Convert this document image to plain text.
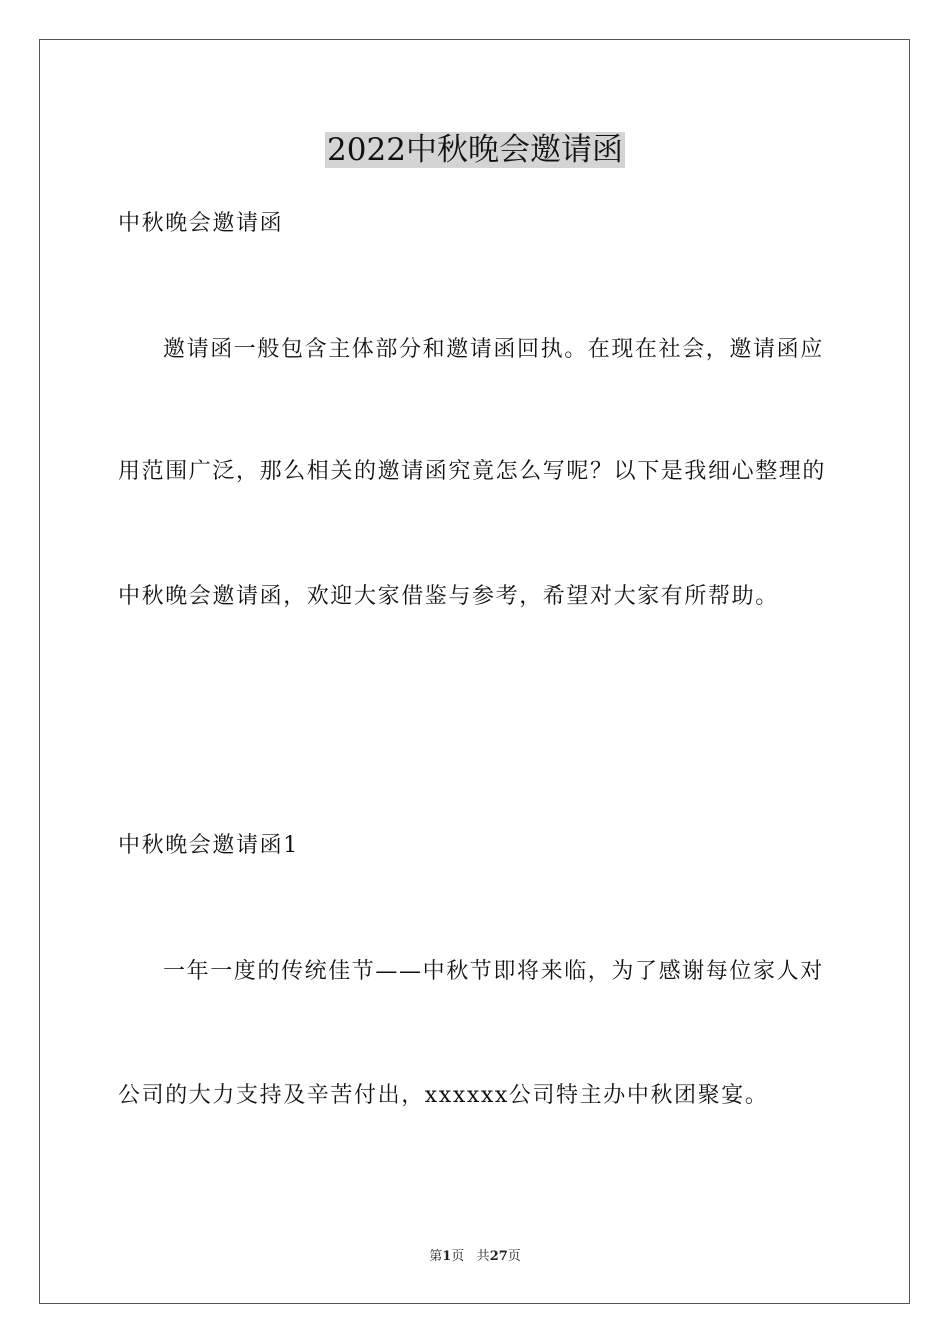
2022中秋晚会邀请函
中秋晚会邀请函
邀请函一般包含主体部分和邀请函回执。在现在社会，邀请函应
用范围广泛，那么相关的邀请函究竟怎么写呢？以下是我细心整理的
中秋晚会邀请函，欢迎大家借鉴与参考，希望对大家有所帮助。
中秋晚会邀请函1
一年一度的传统佳节——中秋节即将来临，为了感谢每位家人对
公司的大力支持及辛苦付出，xxxxxx公司特主办中秋团聚宴。
第1页 共27页
